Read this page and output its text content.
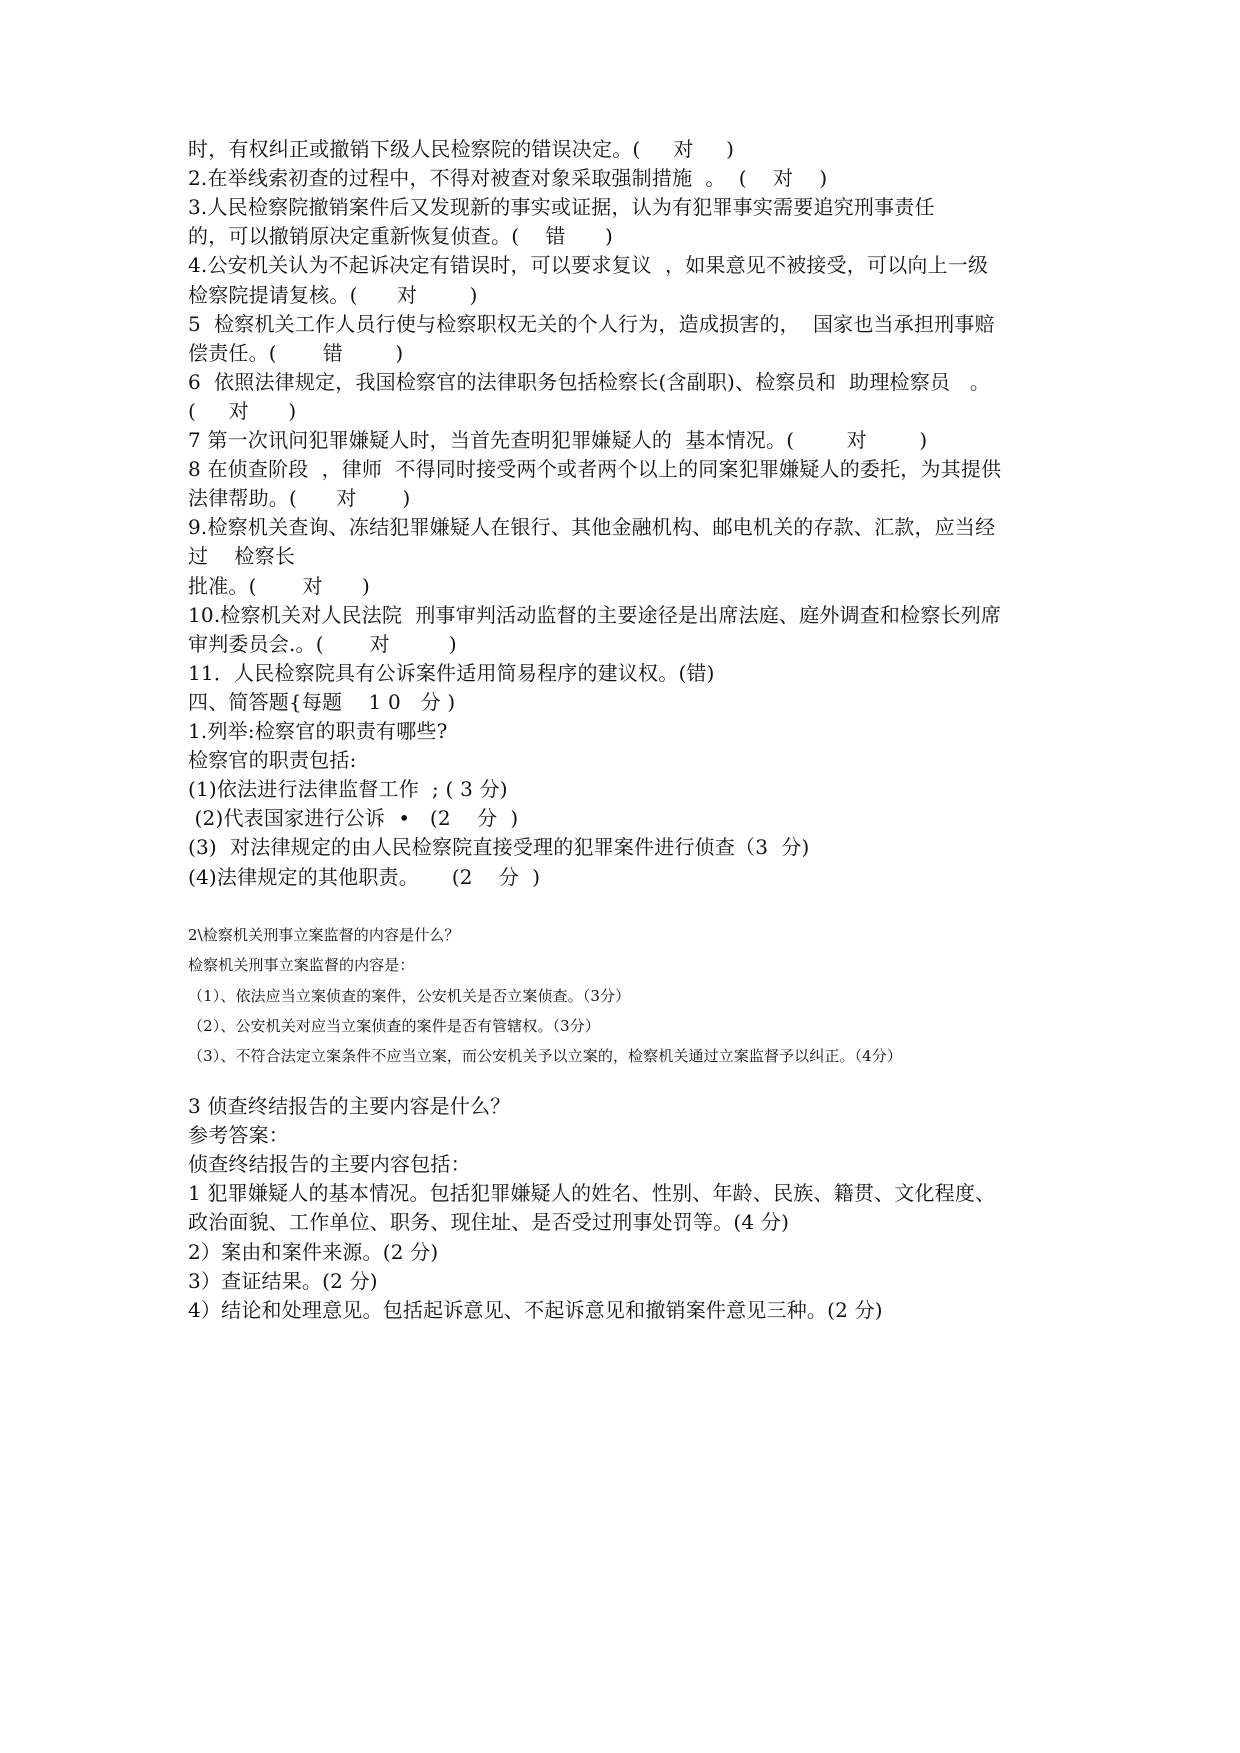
时，有权纠正或撤销下级人民检察院的错误决定。(     对     )
2.在举线索初查的过程中，不得对被查对象采取强制措施  。  (    对    )
3.人民检察院撤销案件后又发现新的事实或证据，认为有犯罪事实需要追究刑事责任
的，可以撤销原决定重新恢复侦查。(    错      )
4.公安机关认为不起诉决定有错误时，可以要求复议  ，如果意见不被接受，可以向上一级
检察院提请复核。(      对        )
5  检察机关工作人员行使与检察职权无关的个人行为，造成损害的，  国家也当承担刑事赔
偿责任。(       错        )
6  依照法律规定，我国检察官的法律职务包括检察长(含副职)、检察员和  助理检察员   。
(     对      )
7 第一次讯问犯罪嫌疑人时，当首先查明犯罪嫌疑人的  基本情况。(        对        )
8 在侦查阶段  ，律师  不得同时接受两个或者两个以上的同案犯罪嫌疑人的委托，为其提供
法律帮助。(      对       )
9.检察机关查询、冻结犯罪嫌疑人在银行、其他金融机构、邮电机关的存款、汇款，应当经
过    检察长
批准。(       对      )
10.检察机关对人民法院  刑事审判活动监督的主要途径是出席法庭、庭外调查和检察长列席
审判委员会.。(       对         )
11．人民检察院具有公诉案件适用简易程序的建议权。(错)
四、简答题{每题    1 0   分 )
1.列举:检察官的职责有哪些?
检察官的职责包括:
(1)依法进行法律监督工作  ; ( 3 分)
(2)代表国家进行公诉  •   (2    分  )
(3)  对法律规定的由人民检察院直接受理的犯罪案件进行侦查（3  分)
(4)法律规定的其他职责。     (2    分  )
2\检察机关刑事立案监督的内容是什么？
检察机关刑事立案监督的内容是：
（1）、依法应当立案侦查的案件，公安机关是否立案侦查。（3分）
（2）、公安机关对应当立案侦查的案件是否有管辖权。（3分）
（3）、不符合法定立案条件不应当立案，而公安机关予以立案的，检察机关通过立案监督予以纠正。（4分）
3 侦查终结报告的主要内容是什么？
参考答案：
侦查终结报告的主要内容包括：
1 犯罪嫌疑人的基本情况。包括犯罪嫌疑人的姓名、性别、年龄、民族、籍贯、文化程度、
政治面貌、工作单位、职务、现住址、是否受过刑事处罚等。(4 分)
2）案由和案件来源。(2 分)
3）查证结果。(2 分)
4）结论和处理意见。包括起诉意见、不起诉意见和撤销案件意见三种。(2 分)
